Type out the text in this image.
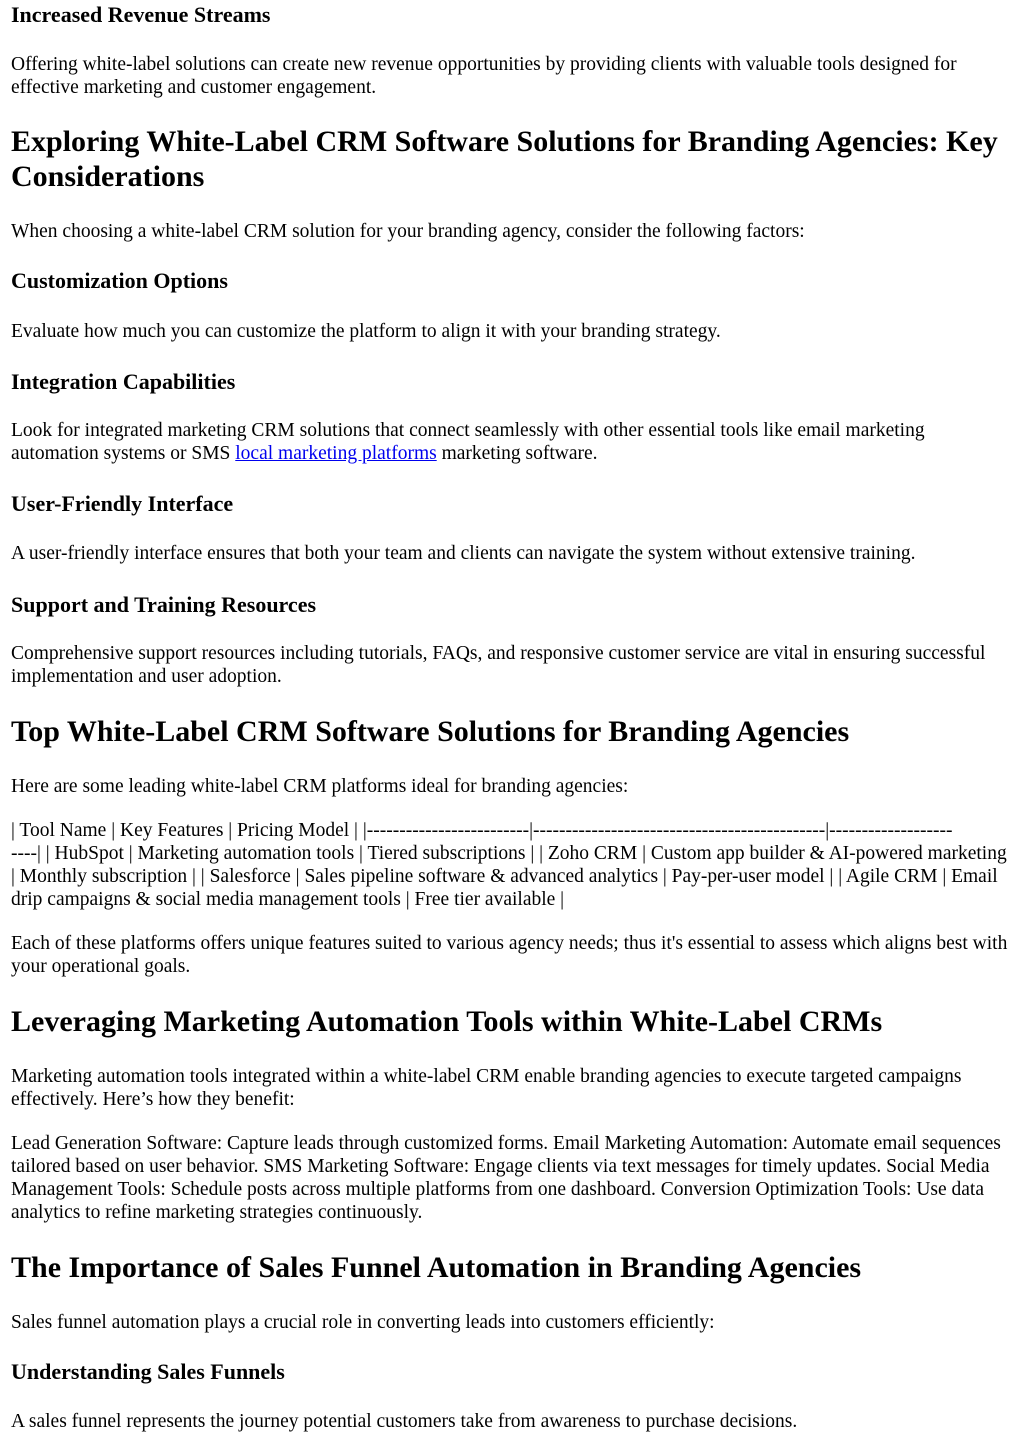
Increased Revenue Streams

Offering white-label solutions can create new revenue opportunities by providing clients with valuable tools designed for effective marketing and customer engagement.

Exploring White-Label CRM Software Solutions for Branding Agencies: Key Considerations

When choosing a white-label CRM solution for your branding agency, consider the following factors:

Customization Options

Evaluate how much you can customize the platform to align it with your branding strategy.

Integration Capabilities

Look for integrated marketing CRM solutions that connect seamlessly with other essential tools like email marketing automation systems or SMS local marketing platforms marketing software.

User-Friendly Interface

A user-friendly interface ensures that both your team and clients can navigate the system without extensive training.

Support and Training Resources

Comprehensive support resources including tutorials, FAQs, and responsive customer service are vital in ensuring successful implementation and user adoption.

Top White-Label CRM Software Solutions for Branding Agencies

Here are some leading white-label CRM platforms ideal for branding agencies:

| Tool Name | Key Features | Pricing Model | |-------------------------|---------------------------------------------|-------------------

----| | HubSpot | Marketing automation tools | Tiered subscriptions | | Zoho CRM | Custom app builder & AI-powered marketing | Monthly subscription | | Salesforce | Sales pipeline software & advanced analytics | Pay-per-user model | | Agile CRM | Email drip campaigns & social media management tools | Free tier available |

Each of these platforms offers unique features suited to various agency needs; thus it's essential to assess which aligns best with your operational goals.

Leveraging Marketing Automation Tools within White-Label CRMs

Marketing automation tools integrated within a white-label CRM enable branding agencies to execute targeted campaigns effectively. Here’s how they benefit:

Lead Generation Software: Capture leads through customized forms. Email Marketing Automation: Automate email sequences tailored based on user behavior. SMS Marketing Software: Engage clients via text messages for timely updates. Social Media Management Tools: Schedule posts across multiple platforms from one dashboard. Conversion Optimization Tools: Use data analytics to refine marketing strategies continuously.

The Importance of Sales Funnel Automation in Branding Agencies

Sales funnel automation plays a crucial role in converting leads into customers efficiently:

Understanding Sales Funnels

A sales funnel represents the journey potential customers take from awareness to purchase decisions.
